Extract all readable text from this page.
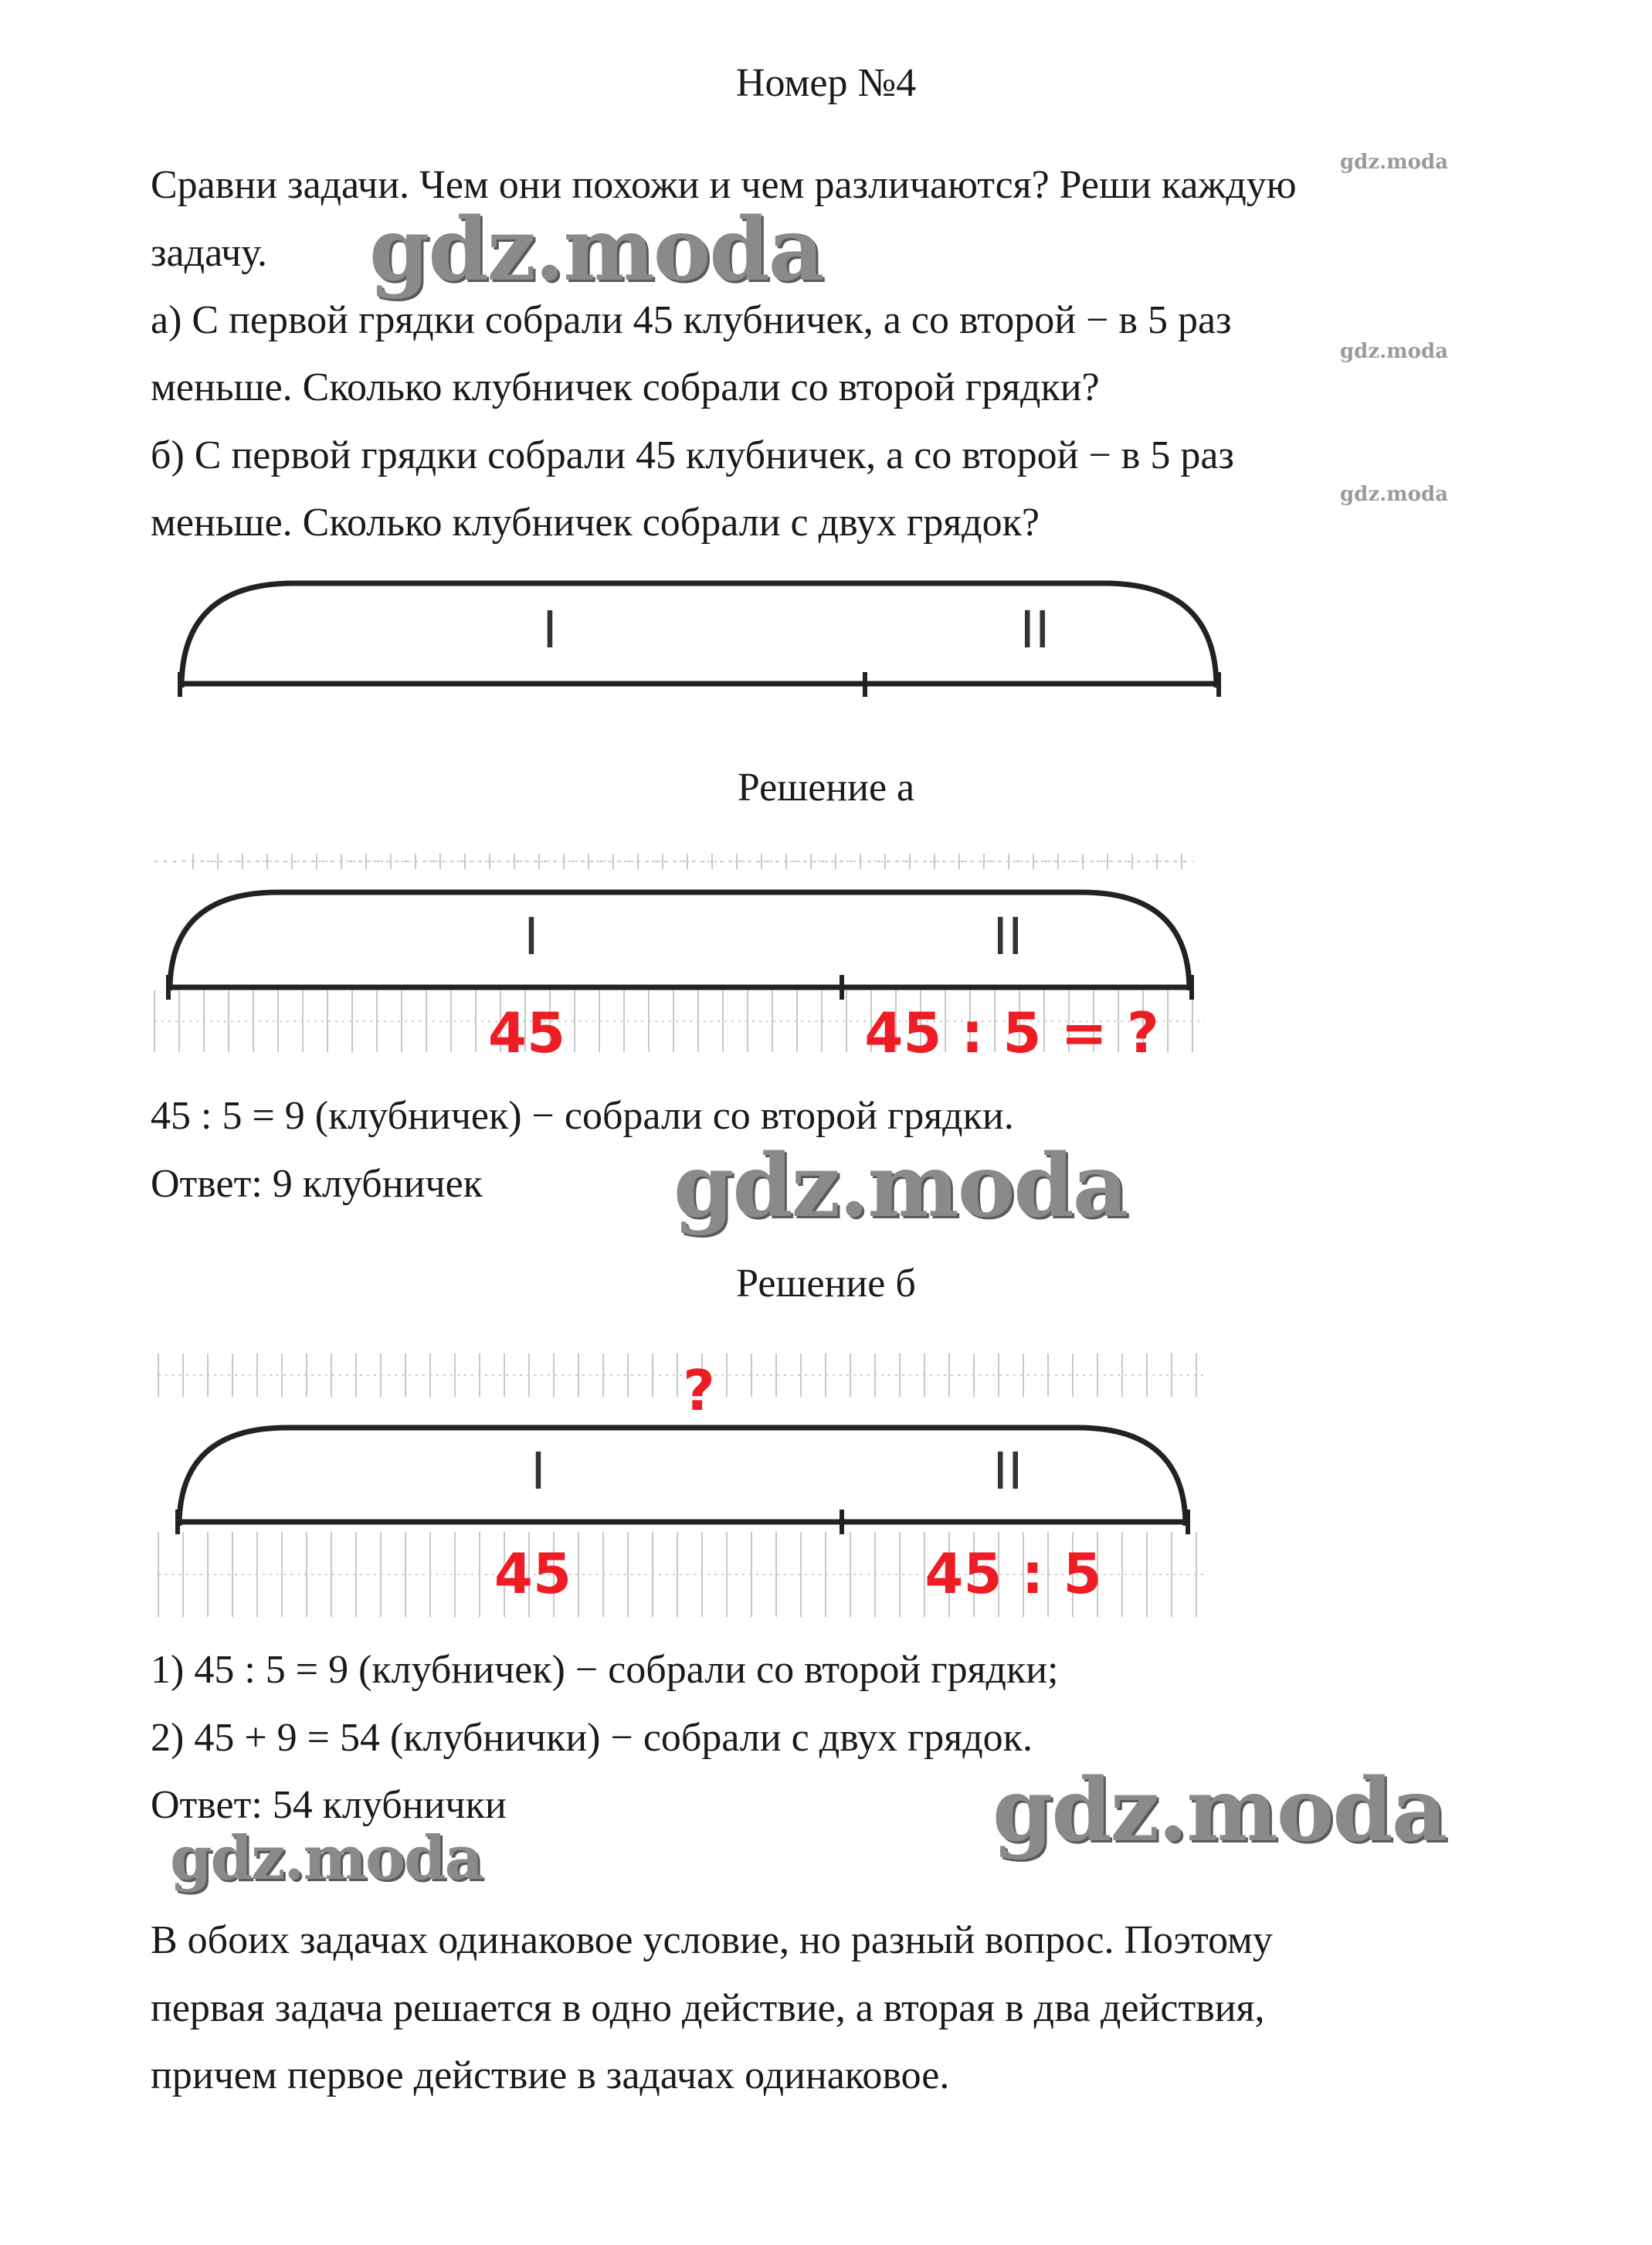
Номер №4
Сравни задачи. Чем они похожи и чем различаются? Реши каждую
задачу.
а) С первой грядки собрали 45 клубничек, а со второй − в 5 раз
меньше. Сколько клубничек собрали со второй грядки?
б) С первой грядки собрали 45 клубничек, а со второй − в 5 раз
меньше. Сколько клубничек собрали с двух грядок?
I	II
Решение а
I	II
45	45 : 5 = ?
45 : 5 = 9 (клубничек) − собрали со второй грядки.
Ответ: 9 клубничек
Решение б
?
I	II
45	45 : 5
1) 45 : 5 = 9 (клубничек) − собрали со второй грядки;
2) 45 + 9 = 54 (клубнички) − собрали с двух грядок.
Ответ: 54 клубнички
В обоих задачах одинаковое условие, но разный вопрос. Поэтому
первая задача решается в одно действие, а вторая в два действия,
причем первое действие в задачах одинаковое.
gdz.moda
gdz.moda
gdz.moda
gdz.moda
gdz.moda
gdz.moda
gdz.moda
